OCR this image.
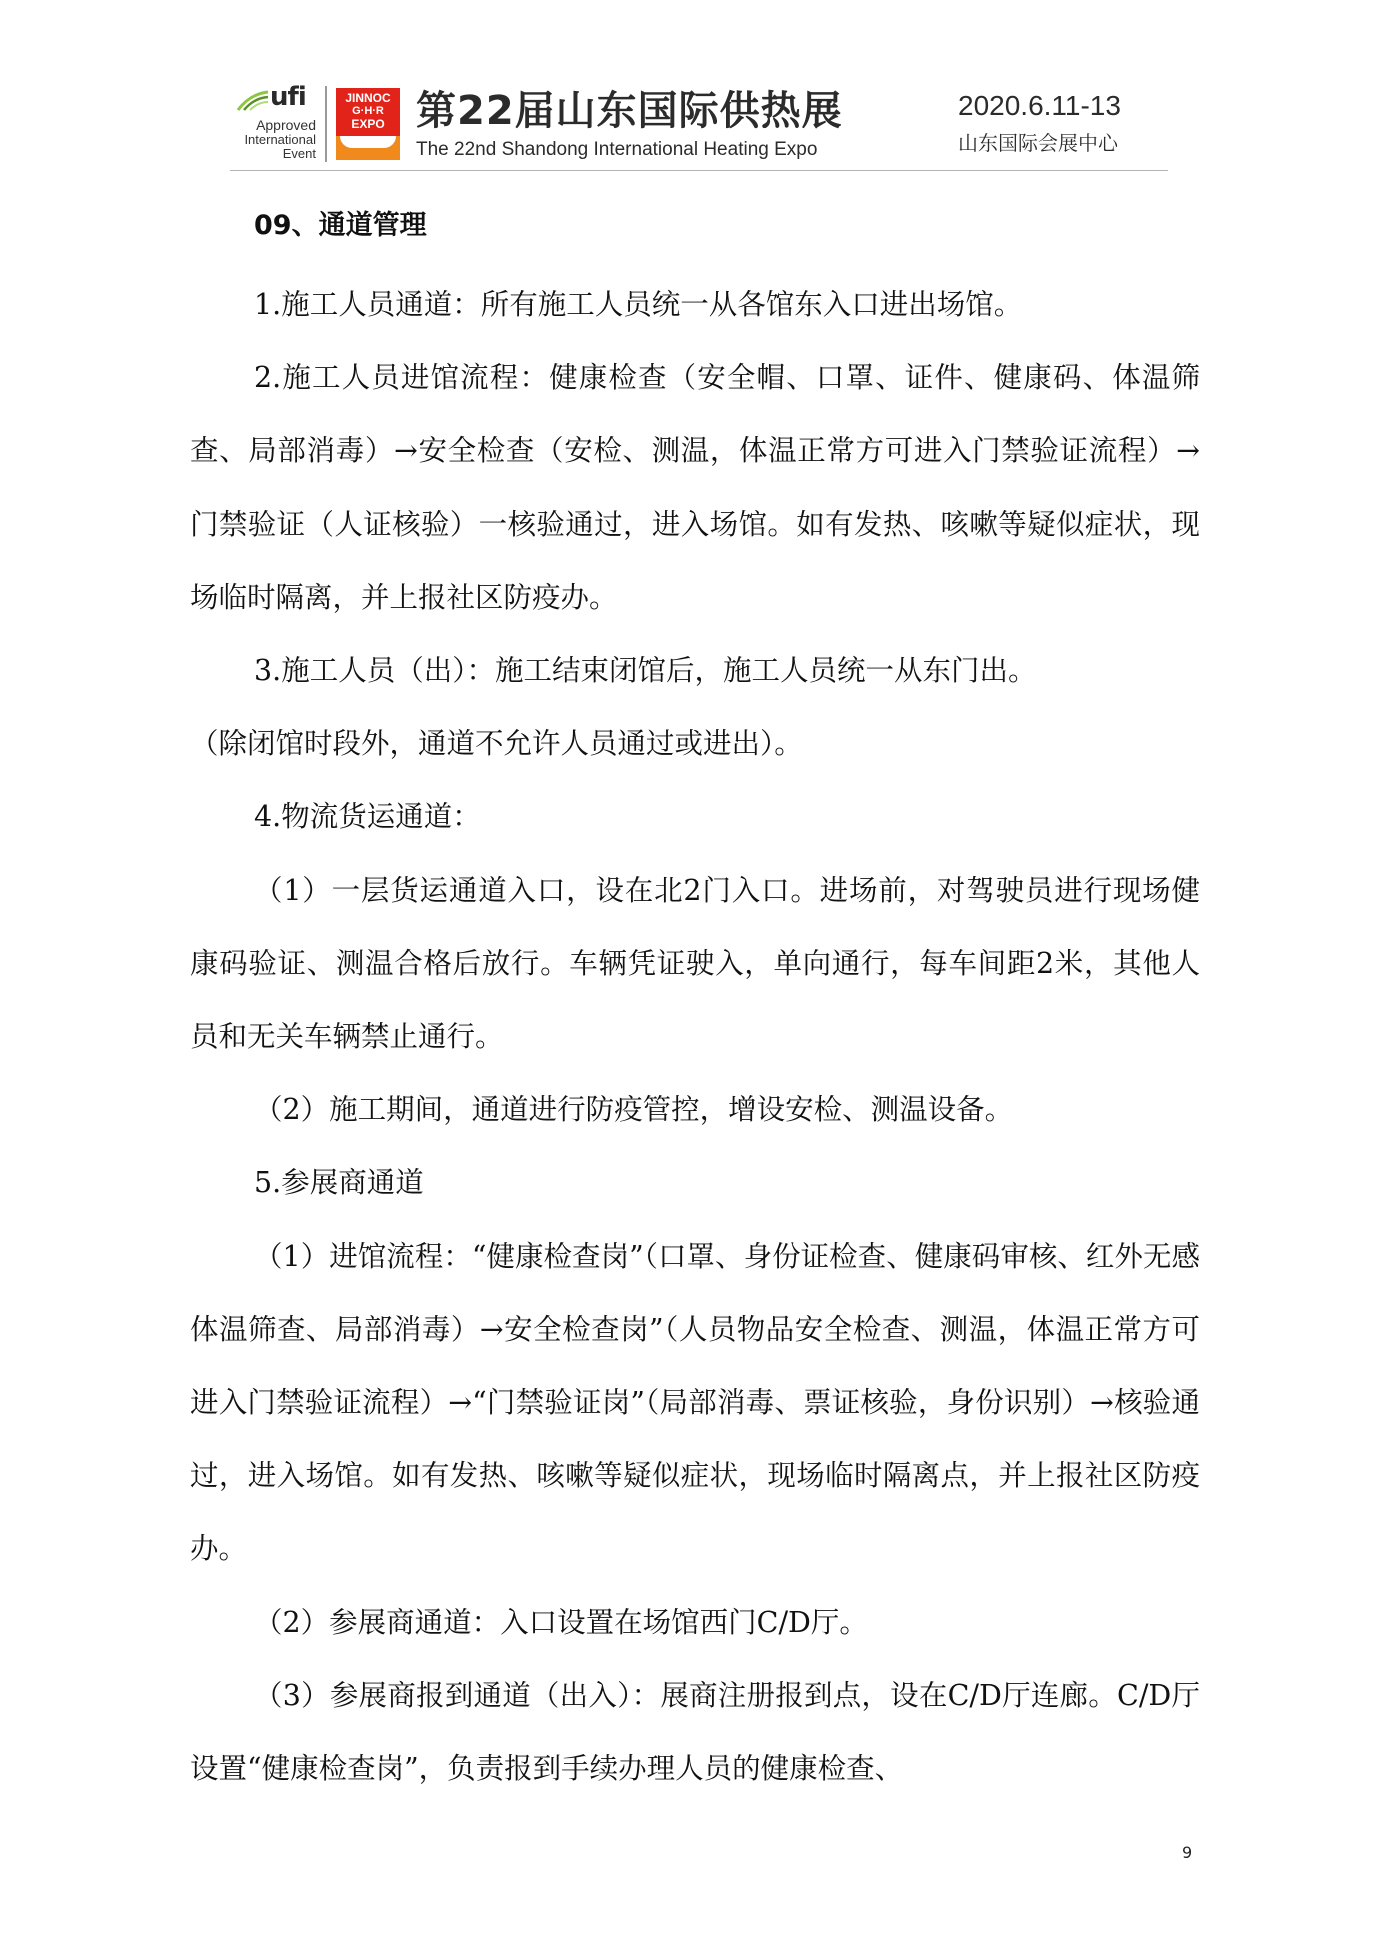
ufi
Approved
International
Event
JINNOC
G·H·R
EXPO 第22届山东国际供热展
The 22nd Shandong International Heating Expo
2020.6.11-13
山东国际会展中心
09、通道管理

1.施工人员通道：所有施工人员统一从各馆东入口进出场馆。

2.施工人员进馆流程：健康检查（安全帽、口罩、证件、健康码、体温筛查、局部消毒）→安全检查（安检、测温，体温正常方可进入门禁验证流程）→门禁验证（人证核验）一核验通过，进入场馆。如有发热、咳嗽等疑似症状，现场临时隔离，并上报社区防疫办。

3.施工人员（出）：施工结束闭馆后，施工人员统一从东门出。

（除闭馆时段外，通道不允许人员通过或进出）。

4.物流货运通道：

（1）一层货运通道入口，设在北2门入口。进场前，对驾驶员进行现场健康码验证、测温合格后放行。车辆凭证驶入，单向通行，每车间距2米，其他人员和无关车辆禁止通行。

（2）施工期间，通道进行防疫管控，增设安检、测温设备。

5.参展商通道

（1）进馆流程：“健康检查岗”（口罩、身份证检查、健康码审核、红外无感体温筛查、局部消毒）→安全检查岗”（人员物品安全检查、测温，体温正常方可进入门禁验证流程）→“门禁验证岗”（局部消毒、票证核验，身份识别）→核验通过，进入场馆。如有发热、咳嗽等疑似症状，现场临时隔离点，并上报社区防疫办。

（2）参展商通道：入口设置在场馆西门C/D厅。

（3）参展商报到通道（出入）：展商注册报到点，设在C/D厅连廊。C/D厅设置“健康检查岗”，负责报到手续办理人员的健康检查、

9
